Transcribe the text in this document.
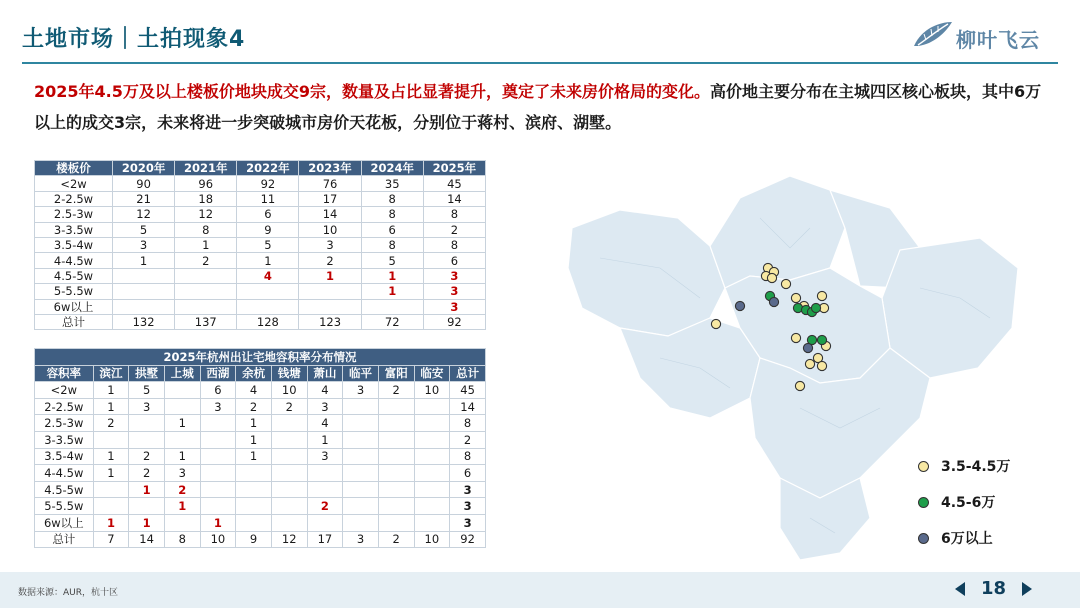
土地市场｜土拍现象4	柳叶飞云
2025年4.5万及以上楼板价地块成交9宗，数量及占比显著提升，奠定了未来房价格局的变化。高价地主要分布在主城四区核心板块，其中6万以上的成交3宗，未来将进一步突破城市房价天花板，分别位于蒋村、滨府、湖墅。
楼板价	2020年	2021年	2022年	2023年	2024年	2025年
<2w	90	96	92	76	35	45
2-2.5w	21	18	11	17	8	14
2.5-3w	12	12	6	14	8	8
3-3.5w	5	8	9	10	6	2
3.5-4w	3	1	5	3	8	8
4-4.5w	1	2	1	2	5	6
4.5-5w			4	1	1	3
5-5.5w					1	3
6w以上						3
总计	132	137	128	123	72	92
2025年杭州出让宅地容积率分布情况											
容积率	滨江	拱墅	上城	西湖	余杭	钱塘	萧山	临平	富阳	临安	总计
<2w	1	5		6	4	10	4	3	2	10	45
2-2.5w	1	3		3	2	2	3				14
2.5-3w	2		1		1		4				8
3-3.5w					1		1				2
3.5-4w	1	2	1		1		3				8
4-4.5w	1	2	3								6
4.5-5w		1	2								3
5-5.5w			1				2				3
6w以上	1	1		1							3
总计	7	14	8	10	9	12	17	3	2	10	92
3.5-4.5万
4.5-6万
6万以上
数据来源：AUR，杭十区	18
